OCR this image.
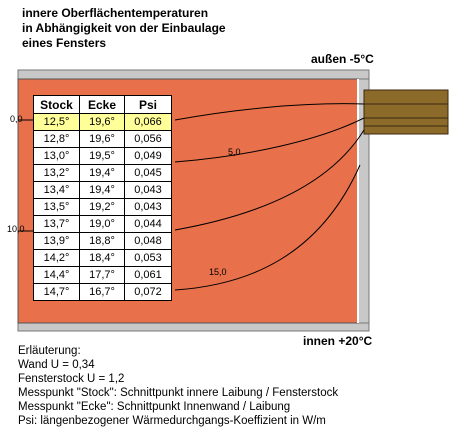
5,0
15,0
0,0
10,0
innere Oberflächentemperaturen
in Abhängigkeit von der Einbaulage
eines Fensters
außen -5°C
innen +20°C
Stock	Ecke	Psi
12,5°	19,6°	0,066
12,8°	19,6°	0,056
13,0°	19,5°	0,049
13,2°	19,4°	0,045
13,4°	19,4°	0,043
13,5°	19,2°	0,043
13,7°	19,0°	0,044
13,9°	18,8°	0,048
14,2°	18,4°	0,053
14,4°	17,7°	0,061
14,7°	16,7°	0,072
Erläuterung:
Wand U = 0,34
Fensterstock U = 1,2
Messpunkt "Stock": Schnittpunkt innere Laibung / Fensterstock
Messpunkt "Ecke": Schnittpunkt Innenwand / Laibung
Psi: längenbezogener Wärmedurchgangs-Koeffizient in W/m
